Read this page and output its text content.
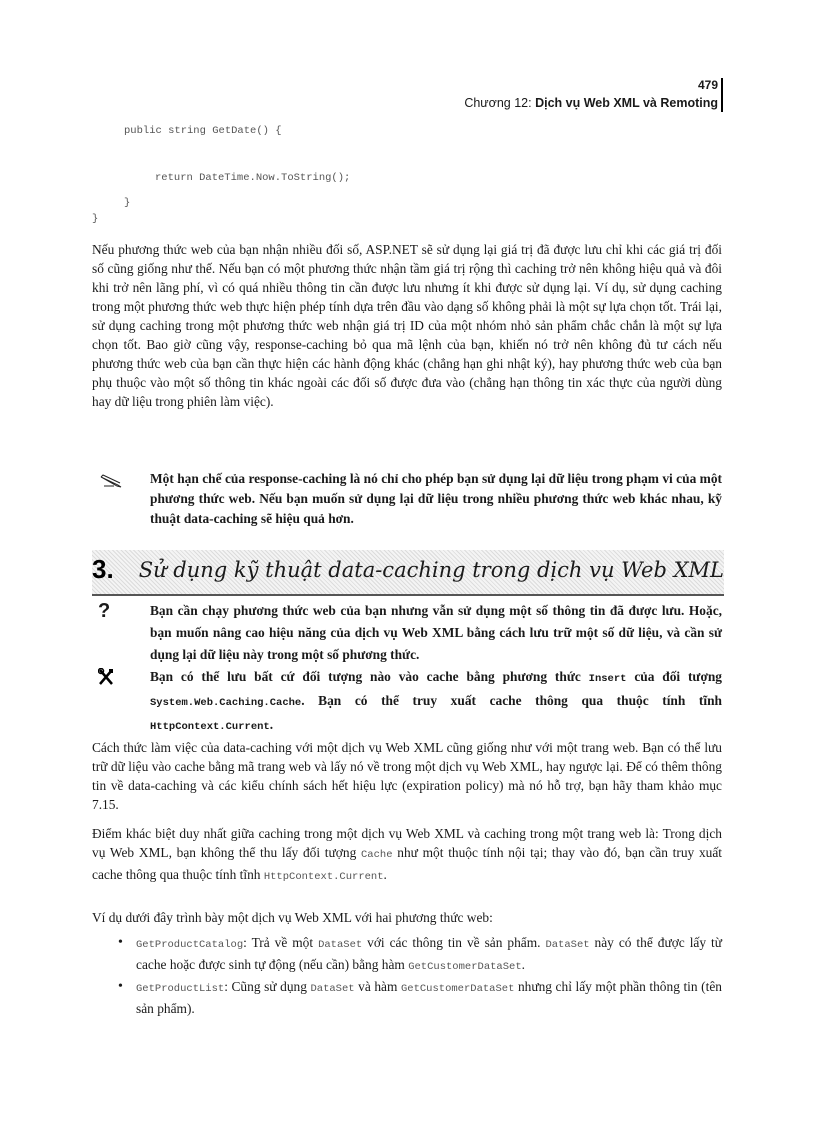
479
Chương 12: Dịch vụ Web XML và Remoting
public string GetDate() {
return DateTime.Now.ToString();
}
}
Nếu phương thức web của bạn nhận nhiều đối số, ASP.NET sẽ sử dụng lại giá trị đã được lưu chỉ khi các giá trị đối số cũng giống như thế. Nếu bạn có một phương thức nhận tầm giá trị rộng thì caching trở nên không hiệu quả và đôi khi trở nên lãng phí, vì có quá nhiều thông tin cần được lưu nhưng ít khi được sử dụng lại. Ví dụ, sử dụng caching trong một phương thức web thực hiện phép tính dựa trên đầu vào dạng số không phải là một sự lựa chọn tốt. Trái lại, sử dụng caching trong một phương thức web nhận giá trị ID của một nhóm nhỏ sản phẩm chắc chắn là một sự lựa chọn tốt. Bao giờ cũng vậy, response-caching bỏ qua mã lệnh của bạn, khiến nó trở nên không đủ tư cách nếu phương thức web của bạn cần thực hiện các hành động khác (chẳng hạn ghi nhật ký), hay phương thức web của bạn phụ thuộc vào một số thông tin khác ngoài các đối số được đưa vào (chẳng hạn thông tin xác thực của người dùng hay dữ liệu trong phiên làm việc).
Một hạn chế của response-caching là nó chỉ cho phép bạn sử dụng lại dữ liệu trong phạm vi của một phương thức web. Nếu bạn muốn sử dụng lại dữ liệu trong nhiều phương thức web khác nhau, kỹ thuật data-caching sẽ hiệu quả hơn.
3. Sử dụng kỹ thuật data-caching trong dịch vụ Web XML
?	Bạn cần chạy phương thức web của bạn nhưng vẫn sử dụng một số thông tin đã được lưu. Hoặc, bạn muốn nâng cao hiệu năng của dịch vụ Web XML bằng cách lưu trữ một số dữ liệu, và cần sử dụng lại dữ liệu này trong một số phương thức.
Bạn có thể lưu bất cứ đối tượng nào vào cache bằng phương thức Insert của đối tượng System.Web.Caching.Cache. Bạn có thể truy xuất cache thông qua thuộc tính tĩnh HttpContext.Current.
Cách thức làm việc của data-caching với một dịch vụ Web XML cũng giống như với một trang web. Bạn có thể lưu trữ dữ liệu vào cache bằng mã trang web và lấy nó về trong một dịch vụ Web XML, hay ngược lại. Để có thêm thông tin về data-caching và các kiểu chính sách hết hiệu lực (expiration policy) mà nó hỗ trợ, bạn hãy tham khảo mục 7.15.
Điểm khác biệt duy nhất giữa caching trong một dịch vụ Web XML và caching trong một trang web là: Trong dịch vụ Web XML, bạn không thể thu lấy đối tượng Cache như một thuộc tính nội tại; thay vào đó, bạn cần truy xuất cache thông qua thuộc tính tĩnh HttpContext.Current.
Ví dụ dưới đây trình bày một dịch vụ Web XML với hai phương thức web:
• GetProductCatalog: Trả về một DataSet với các thông tin về sản phẩm. DataSet này có thể được lấy từ cache hoặc được sinh tự động (nếu cần) bằng hàm GetCustomerDataSet.
• GetProductList: Cũng sử dụng DataSet và hàm GetCustomerDataSet nhưng chỉ lấy một phần thông tin (tên sản phẩm).
